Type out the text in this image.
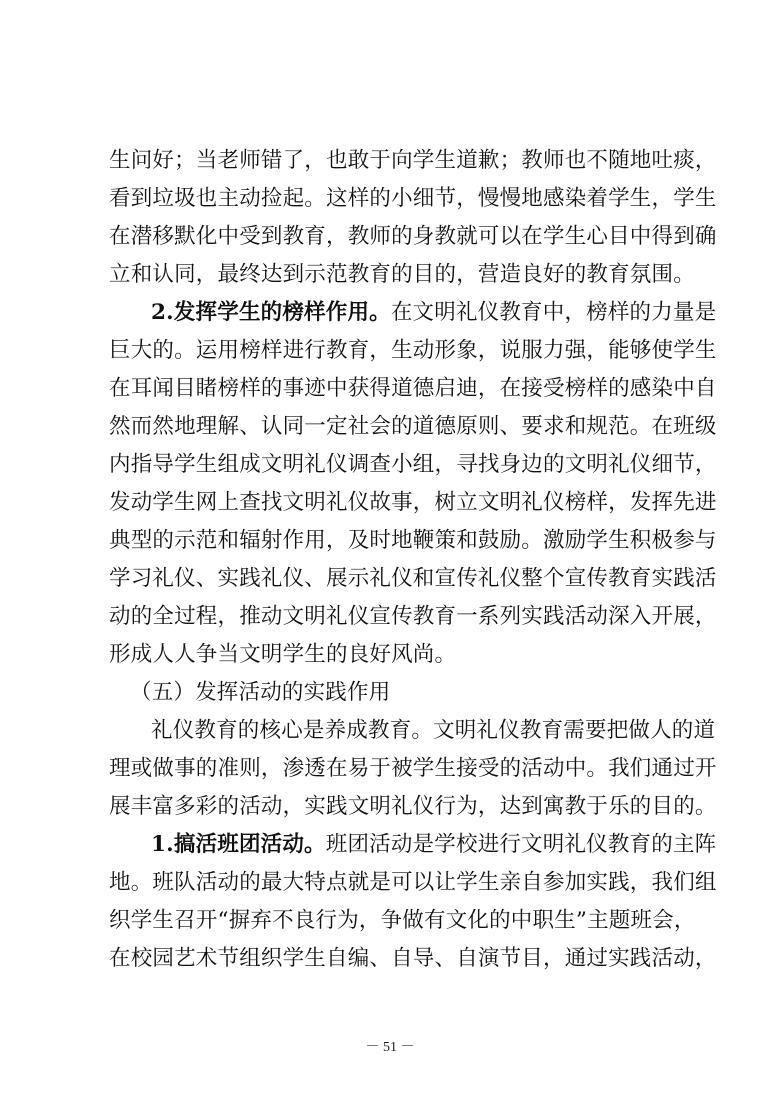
生问好；当老师错了，也敢于向学生道歉；教师也不随地吐痰，
看到垃圾也主动捡起。这样的小细节，慢慢地感染着学生，学生
在潜移默化中受到教育，教师的身教就可以在学生心目中得到确
立和认同，最终达到示范教育的目的，营造良好的教育氛围。
2.发挥学生的榜样作用。在文明礼仪教育中，榜样的力量是
巨大的。运用榜样进行教育，生动形象，说服力强，能够使学生
在耳闻目睹榜样的事迹中获得道德启迪，在接受榜样的感染中自
然而然地理解、认同一定社会的道德原则、要求和规范。在班级
内指导学生组成文明礼仪调查小组，寻找身边的文明礼仪细节，
发动学生网上查找文明礼仪故事，树立文明礼仪榜样，发挥先进
典型的示范和辐射作用，及时地鞭策和鼓励。激励学生积极参与
学习礼仪、实践礼仪、展示礼仪和宣传礼仪整个宣传教育实践活
动的全过程，推动文明礼仪宣传教育一系列实践活动深入开展，
形成人人争当文明学生的良好风尚。
（五）发挥活动的实践作用
礼仪教育的核心是养成教育。文明礼仪教育需要把做人的道
理或做事的准则，渗透在易于被学生接受的活动中。我们通过开
展丰富多彩的活动，实践文明礼仪行为，达到寓教于乐的目的。
1.搞活班团活动。班团活动是学校进行文明礼仪教育的主阵
地。班队活动的最大特点就是可以让学生亲自参加实践，我们组
织学生召开“摒弃不良行为，争做有文化的中职生”主题班会，
在校园艺术节组织学生自编、自导、自演节目，通过实践活动，
－ 51 －
